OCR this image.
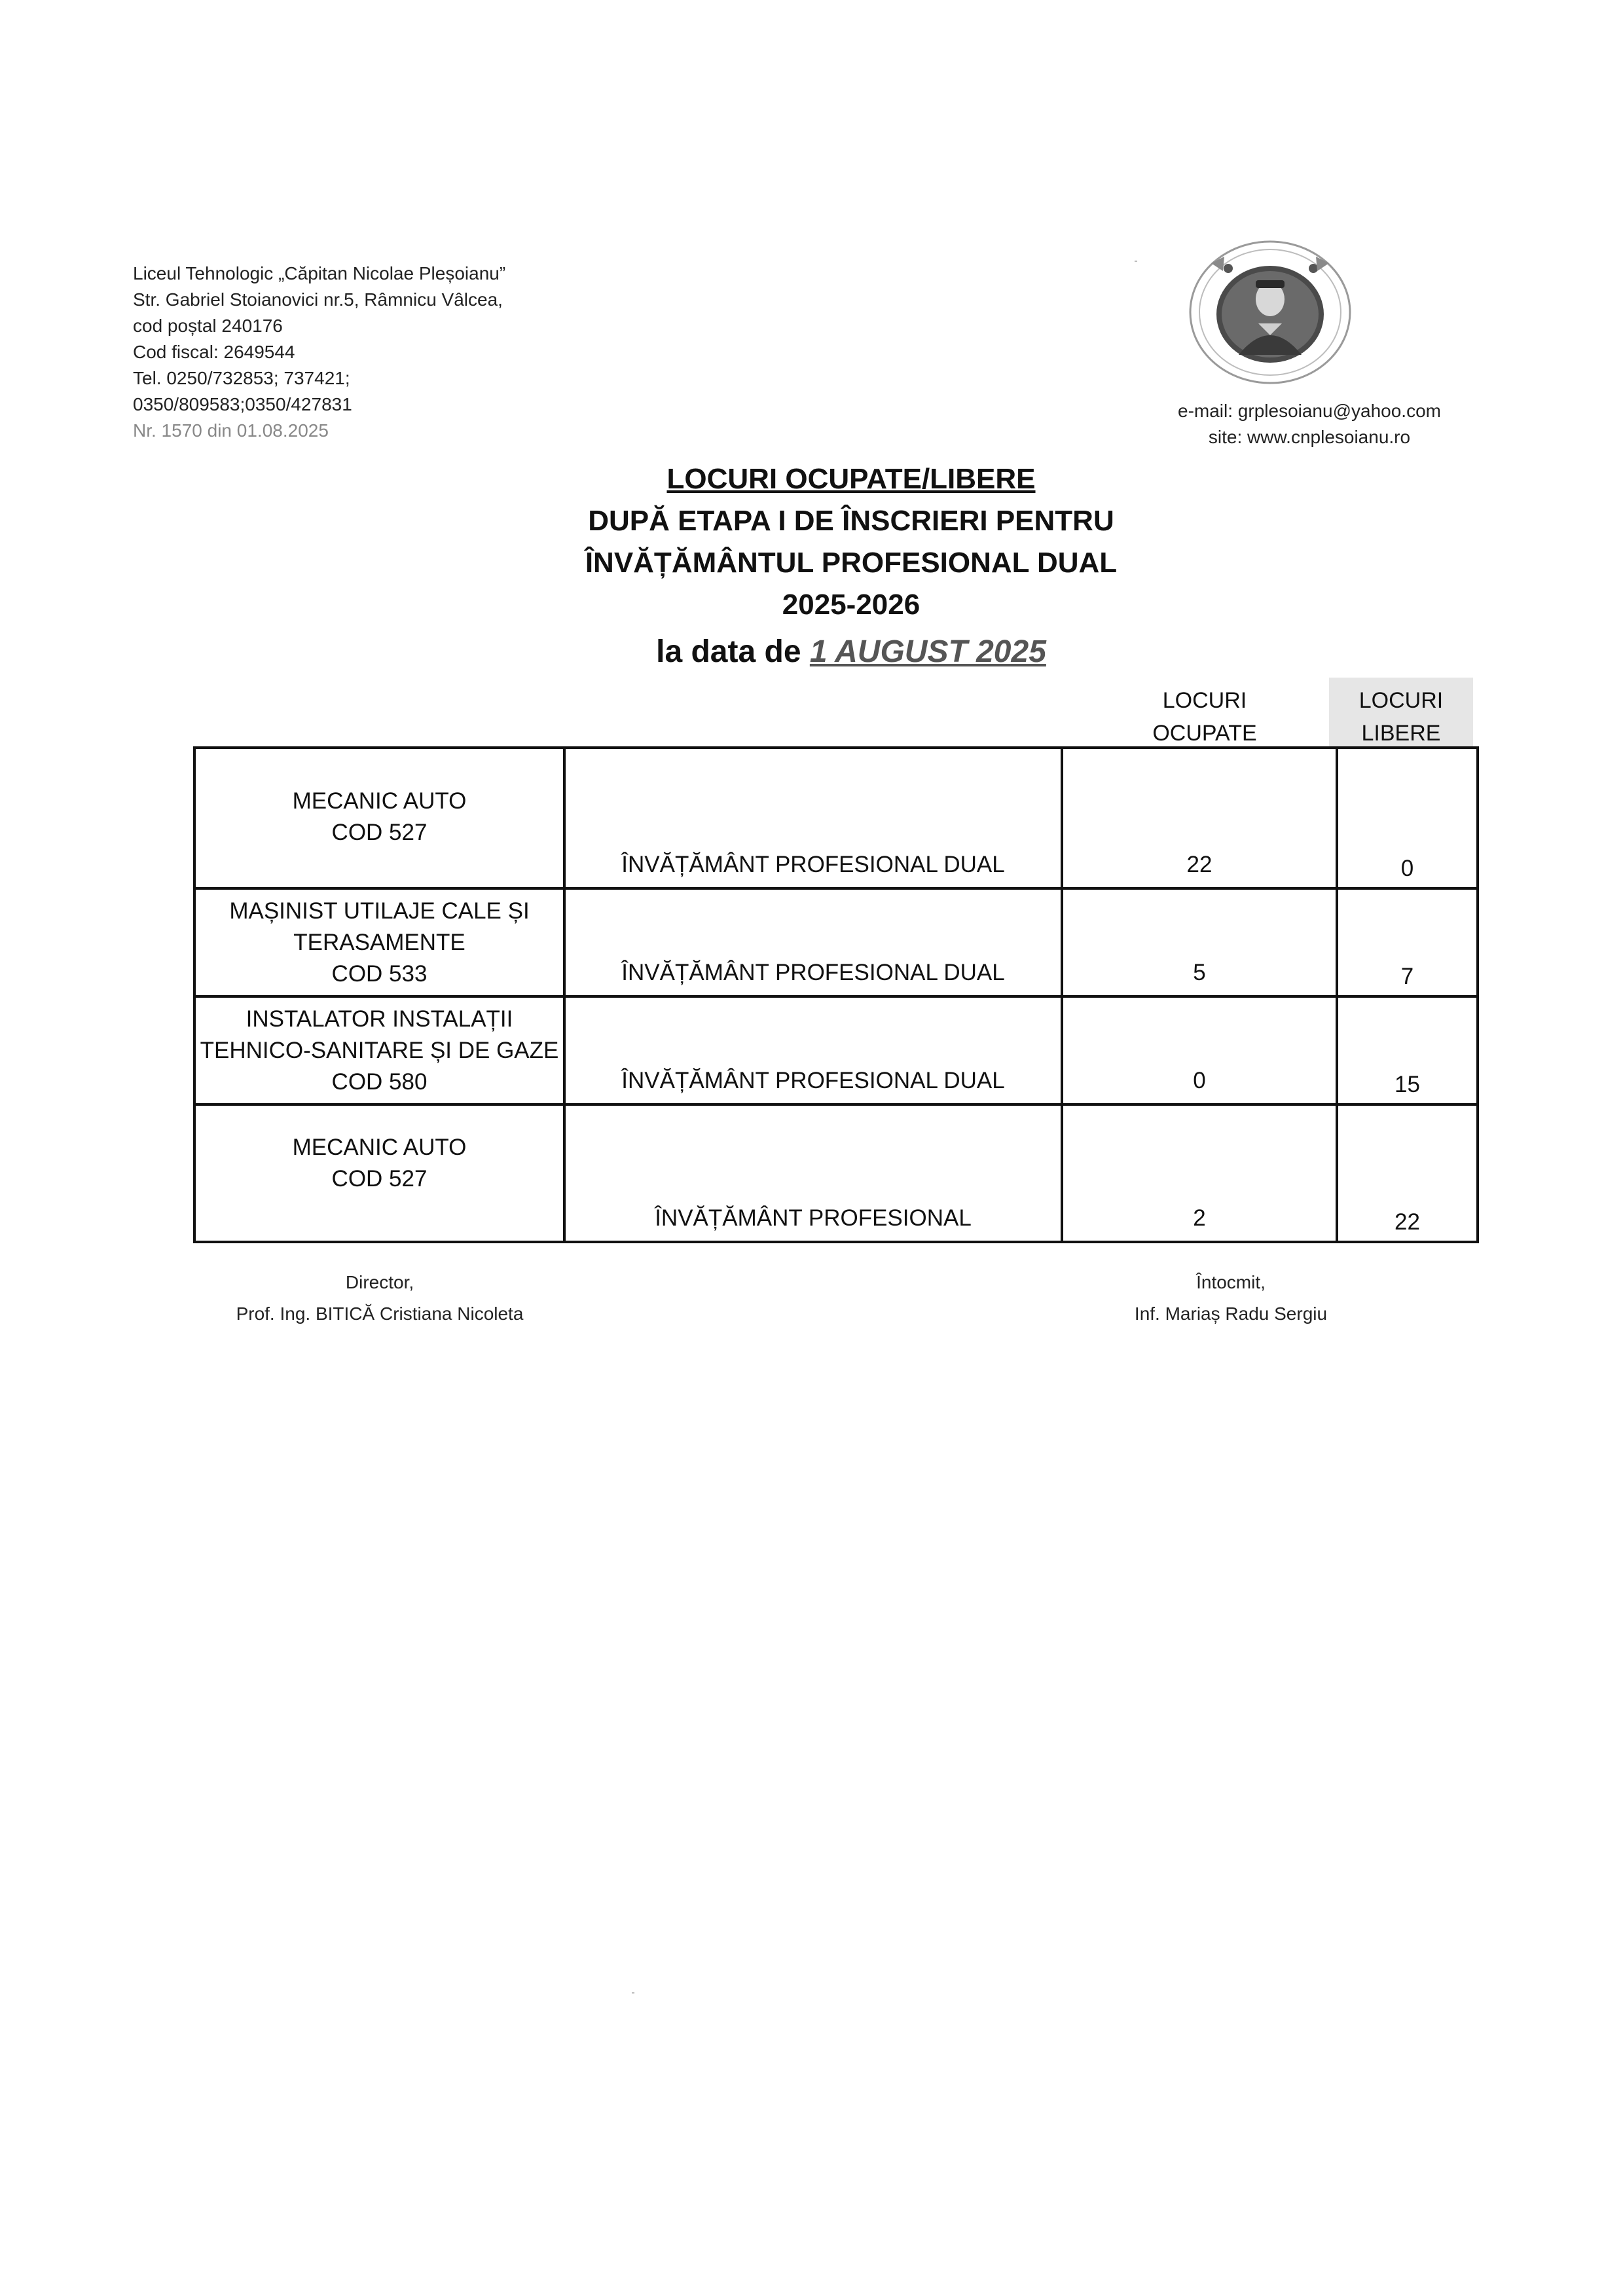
Liceul Tehnologic „Căpitan Nicolae Pleșoianu”
Str. Gabriel Stoianovici nr.5, Râmnicu Vâlcea,
cod poștal 240176
Cod fiscal: 2649544
Tel. 0250/732853; 737421;
0350/809583;0350/427831
Nr. 1570 din 01.08.2025
e-mail: grplesoianu@yahoo.com
site: www.cnplesoianu.ro
LOCURI OCUPATE/LIBERE
DUPĂ ETAPA I DE ÎNSCRIERI PENTRU
ÎNVĂȚĂMÂNTUL PROFESIONAL DUAL
2025-2026
la data de 1 AUGUST 2025
LOCURI
OCUPATE
LOCURI
LIBERE
MECANIC AUTO
COD 527	ÎNVĂȚĂMÂNT PROFESIONAL DUAL	22	0

MAȘINIST UTILAJE CALE ȘI
TERASAMENTE
COD 533	ÎNVĂȚĂMÂNT PROFESIONAL DUAL	5	7

INSTALATOR INSTALAȚII
TEHNICO-SANITARE ȘI DE GAZE
COD 580	ÎNVĂȚĂMÂNT PROFESIONAL DUAL	0	15

MECANIC AUTO
COD 527	ÎNVĂȚĂMÂNT PROFESIONAL	2	22
Director,
Prof. Ing. BITICĂ Cristiana Nicoleta
Întocmit,
Inf. Mariaș Radu Sergiu
